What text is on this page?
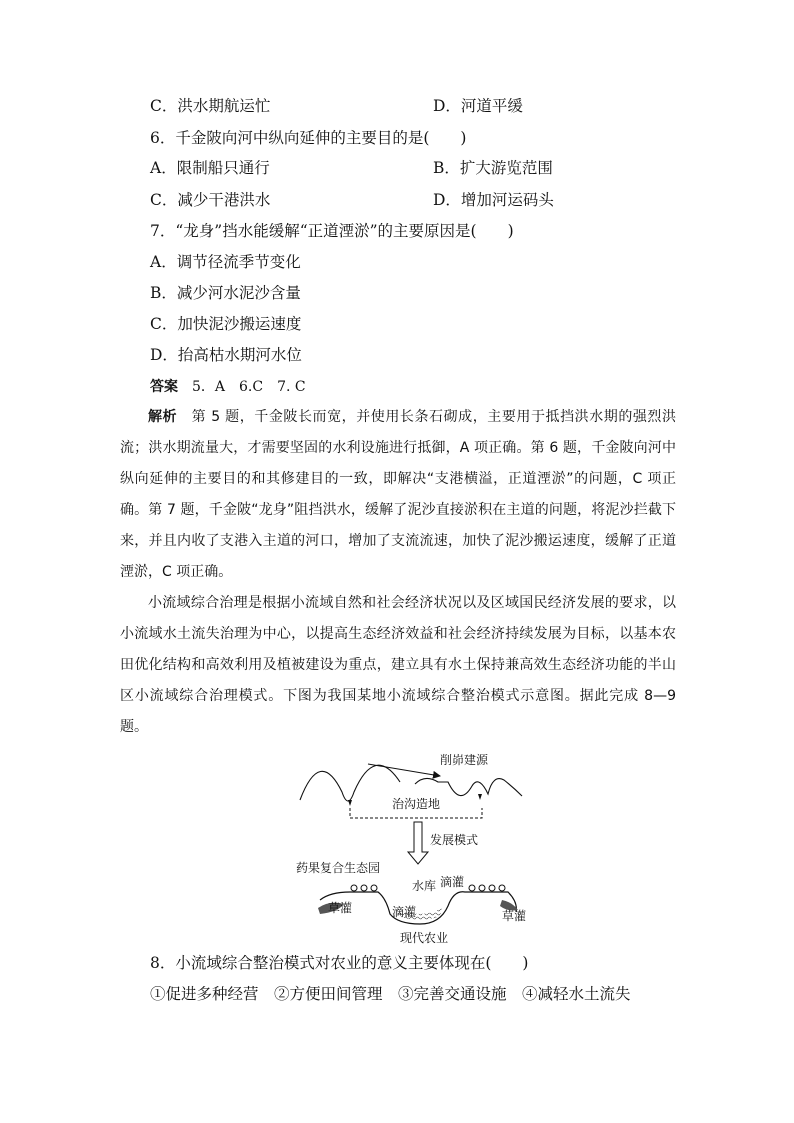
C．洪水期航运忙	D．河道平缓
6．千金陂向河中纵向延伸的主要目的是(　　)
A．限制船只通行	B．扩大游览范围
C．减少干港洪水	D．增加河运码头
7．“龙身”挡水能缓解“正道湮淤”的主要原因是(　　)
A．调节径流季节变化
B．减少河水泥沙含量
C．加快泥沙搬运速度
D．抬高枯水期河水位
答案　5．A　6.C　7. C
解析　第 5 题，千金陂长而宽，并使用长条石砌成，主要用于抵挡洪水期的强烈洪流；洪水期流量大，才需要坚固的水利设施进行抵御，A 项正确。第 6 题，千金陂向河中纵向延伸的主要目的和其修建目的一致，即解决“支港横溢，正道湮淤”的问题，C 项正确。第 7 题，千金陂“龙身”阻挡洪水，缓解了泥沙直接淤积在主道的问题，将泥沙拦截下来，并且内收了支港入主道的河口，增加了支流流速，加快了泥沙搬运速度，缓解了正道湮淤，C 项正确。
小流域综合治理是根据小流域自然和社会经济状况以及区域国民经济发展的要求，以小流域水土流失治理为中心，以提高生态经济效益和社会经济持续发展为目标，以基本农田优化结构和高效利用及植被建设为重点，建立具有水土保持兼高效生态经济功能的半山区小流域综合治理模式。下图为我国某地小流域综合整治模式示意图。据此完成 8—9 题。
削峁建源
治沟造地
发展模式
药果复合生态园
水库 滴灌
滴灌
草灌
草灌
现代农业
8．小流域综合整治模式对农业的意义主要体现在(　　)
①促进多种经营　②方便田间管理　③完善交通设施　④减轻水土流失
